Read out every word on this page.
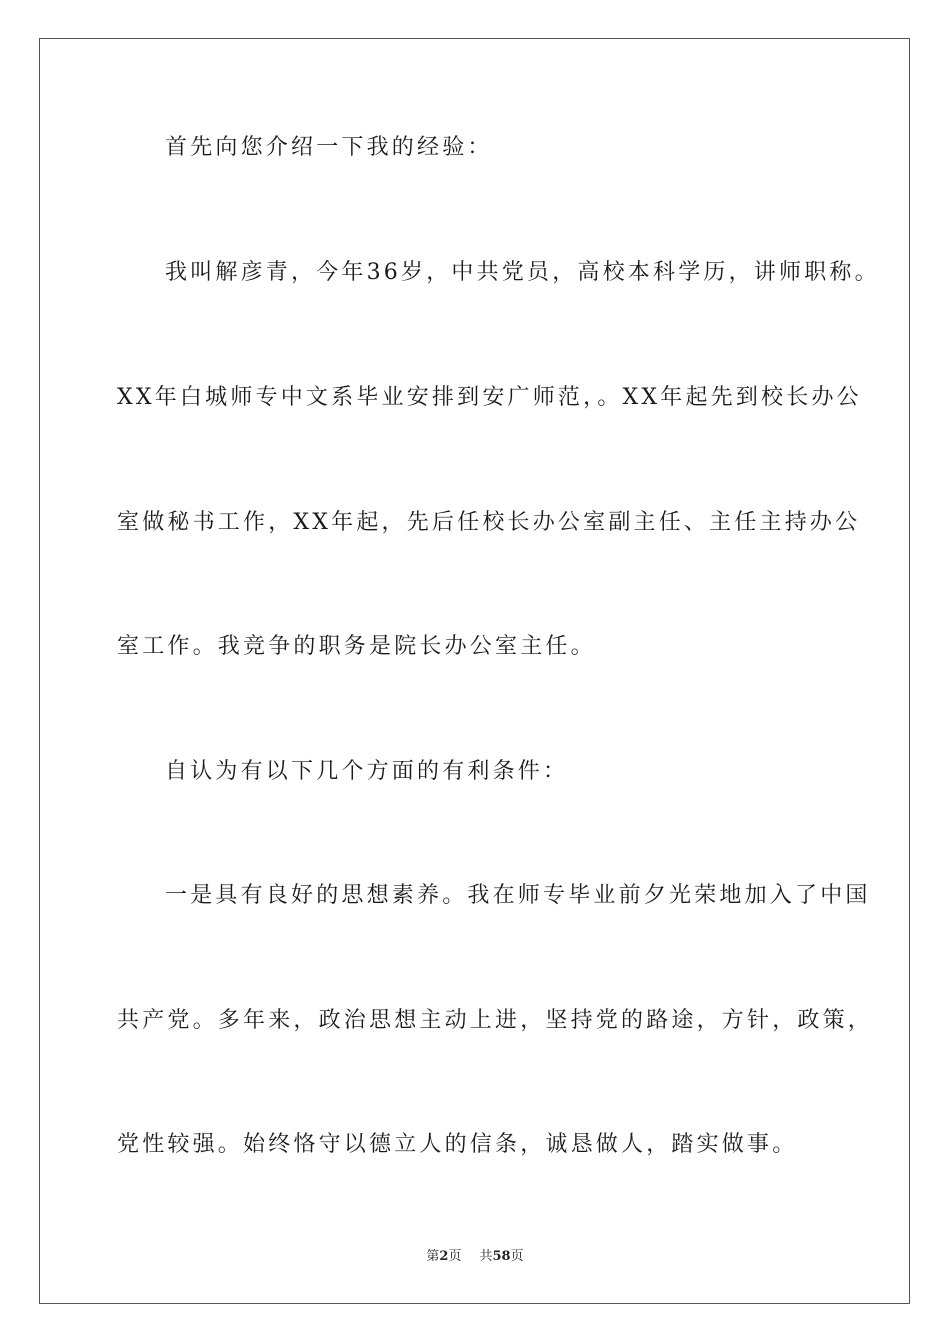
首先向您介绍一下我的经验：
我叫解彦青，今年36岁，中共党员，高校本科学历，讲师职称。
XX年白城师专中文系毕业安排到安广师范，。XX年起先到校长办公
室做秘书工作，XX年起，先后任校长办公室副主任、主任主持办公
室工作。我竞争的职务是院长办公室主任。
自认为有以下几个方面的有利条件：
一是具有良好的思想素养。我在师专毕业前夕光荣地加入了中国
共产党。多年来，政治思想主动上进，坚持党的路途，方针，政策，
党性较强。始终恪守以德立人的信条，诚恳做人，踏实做事。
第2页 共58页
